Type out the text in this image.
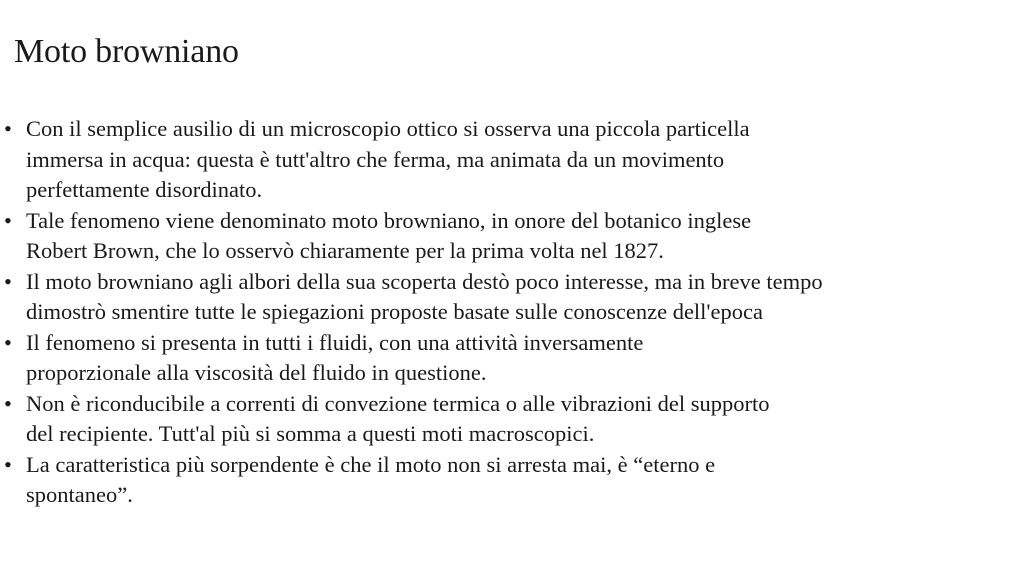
Moto browniano
• Con il semplice ausilio di un microscopio ottico si osserva una piccola particella
immersa in acqua: questa è tutt'altro che ferma, ma animata da un movimento
perfettamente disordinato.
• Tale fenomeno viene denominato moto browniano, in onore del botanico inglese
Robert Brown, che lo osservò chiaramente per la prima volta nel 1827.
• Il moto browniano agli albori della sua scoperta destò poco interesse, ma in breve tempo
dimostrò smentire tutte le spiegazioni proposte basate sulle conoscenze dell'epoca
• Il fenomeno si presenta in tutti i fluidi, con una attività inversamente
proporzionale alla viscosità del fluido in questione.
• Non è riconducibile a correnti di convezione termica o alle vibrazioni del supporto
del recipiente. Tutt'al più si somma a questi moti macroscopici.
• La caratteristica più sorpendente è che il moto non si arresta mai, è “eterno e
spontaneo”.
